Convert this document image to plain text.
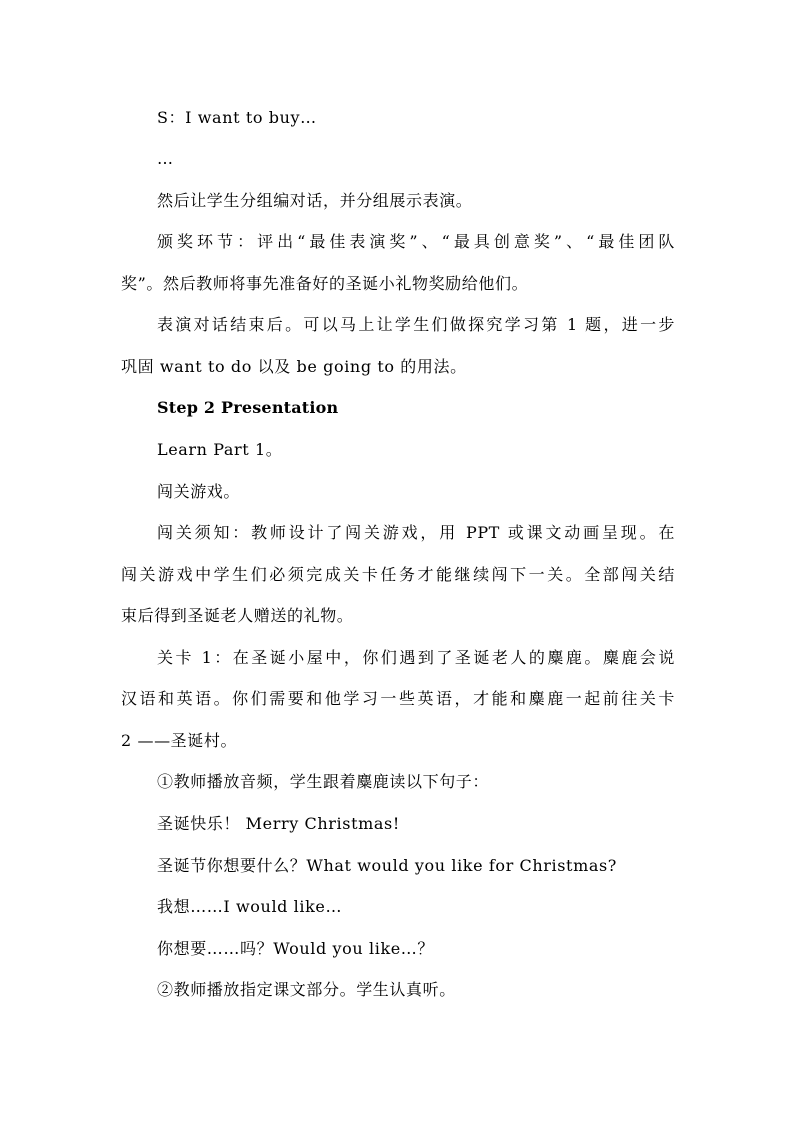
S：I want to buy…
…
然后让学生分组编对话，并分组展示表演。
颁奖环节：评出“最佳表演奖”、“最具创意奖”、“最佳团队
奖”。然后教师将事先准备好的圣诞小礼物奖励给他们。
表演对话结束后。可以马上让学生们做探究学习第 1 题，进一步
巩固 want to do 以及 be going to 的用法。
Step 2 Presentation
Learn Part 1。
闯关游戏。
闯关须知：教师设计了闯关游戏，用 PPT 或课文动画呈现。在
闯关游戏中学生们必须完成关卡任务才能继续闯下一关。全部闯关结
束后得到圣诞老人赠送的礼物。
关卡 1：在圣诞小屋中，你们遇到了圣诞老人的麋鹿。麋鹿会说
汉语和英语。你们需要和他学习一些英语，才能和麋鹿一起前往关卡
2 ——圣诞村。
①教师播放音频，学生跟着麋鹿读以下句子：
圣诞快乐！ Merry Christmas!
圣诞节你想要什么？What would you like for Christmas?
我想……I would like…
你想要……吗？Would you like…？
②教师播放指定课文部分。学生认真听。
